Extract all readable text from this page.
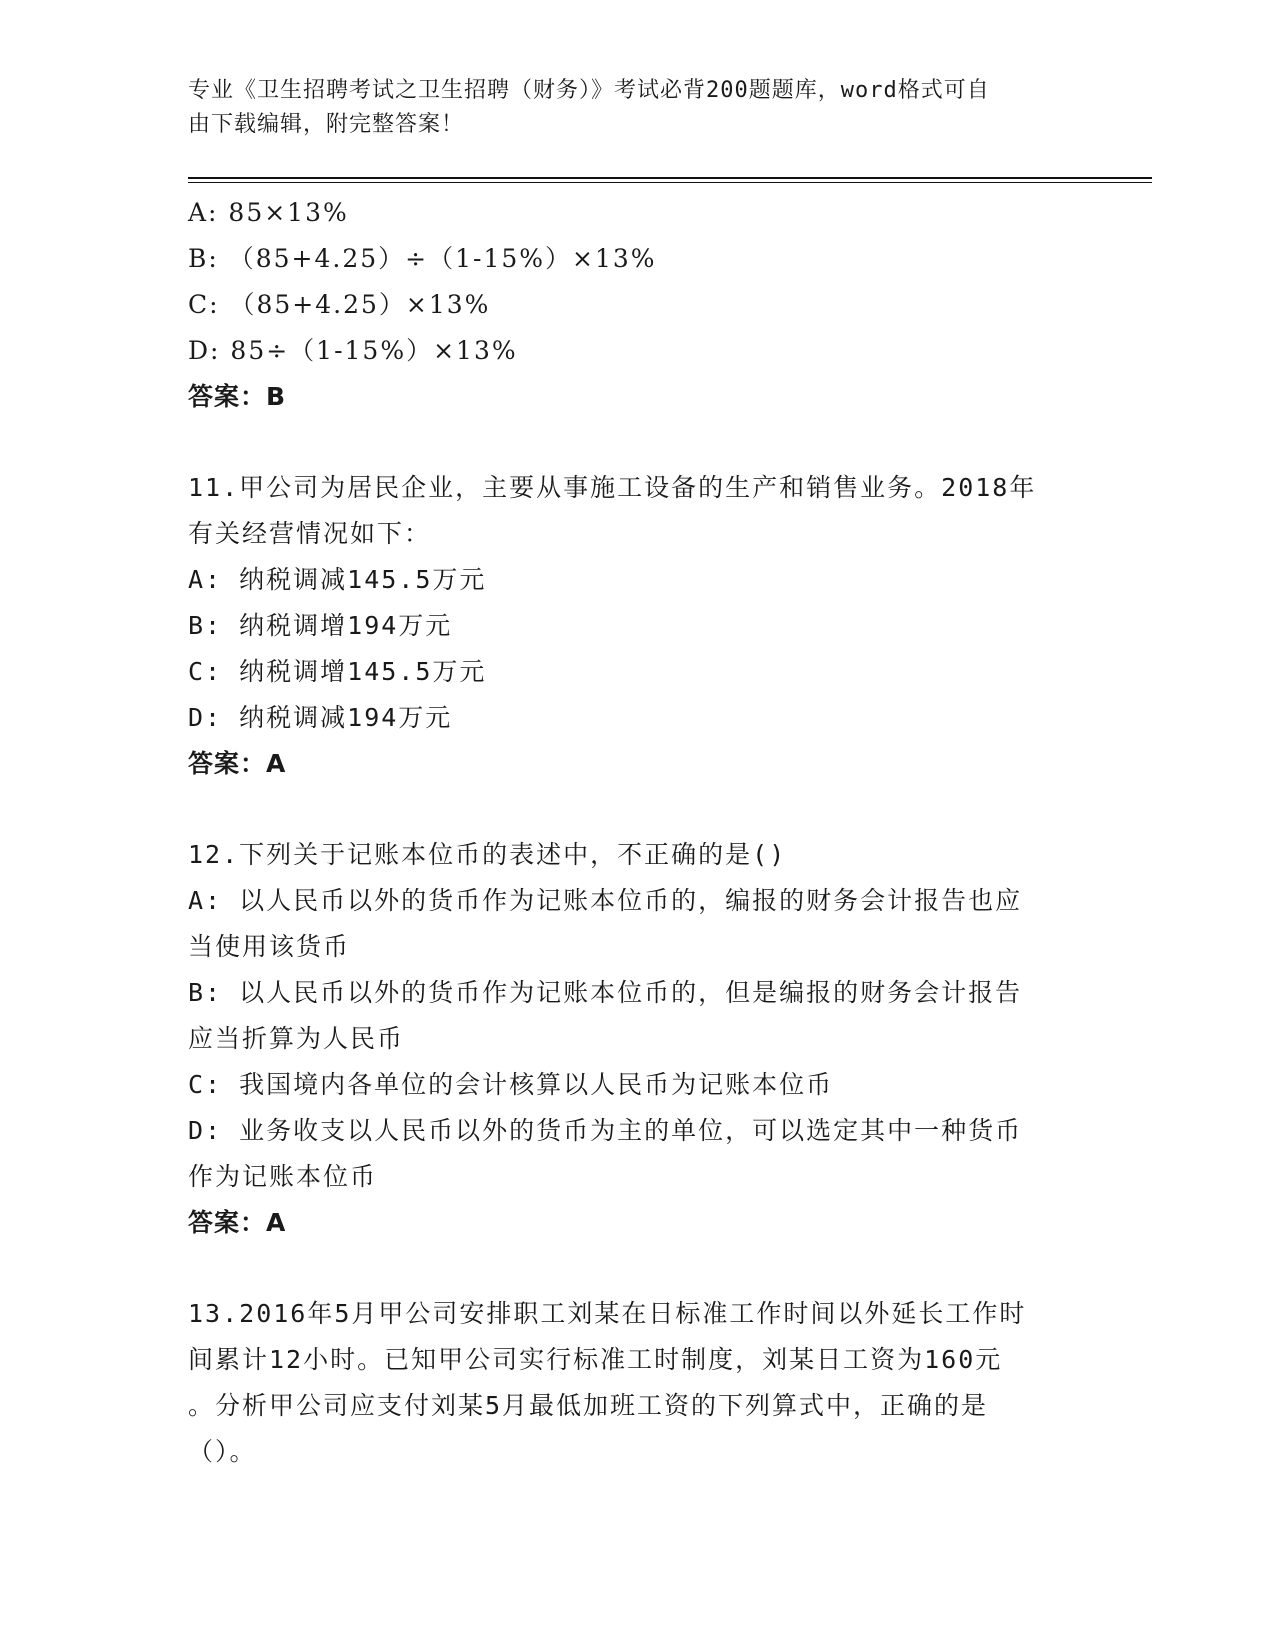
专业《卫生招聘考试之卫生招聘（财务）》考试必背200题题库，word格式可自
由下载编辑，附完整答案！
A: 85×13%
B: （85+4.25）÷（1-15%）×13%
C: （85+4.25）×13%
D: 85÷（1-15%）×13%
答案：B
11.甲公司为居民企业，主要从事施工设备的生产和销售业务。2018年
有关经营情况如下：
A: 纳税调减145.5万元
B: 纳税调增194万元
C: 纳税调增145.5万元
D: 纳税调减194万元
答案：A
12.下列关于记账本位币的表述中，不正确的是()
A: 以人民币以外的货币作为记账本位币的，编报的财务会计报告也应
当使用该货币
B: 以人民币以外的货币作为记账本位币的，但是编报的财务会计报告
应当折算为人民币
C: 我国境内各单位的会计核算以人民币为记账本位币
D: 业务收支以人民币以外的货币为主的单位，可以选定其中一种货币
作为记账本位币
答案：A
13.2016年5月甲公司安排职工刘某在日标准工作时间以外延长工作时
间累计12小时。已知甲公司实行标准工时制度，刘某日工资为160元
。分析甲公司应支付刘某5月最低加班工资的下列算式中，正确的是
（）。
